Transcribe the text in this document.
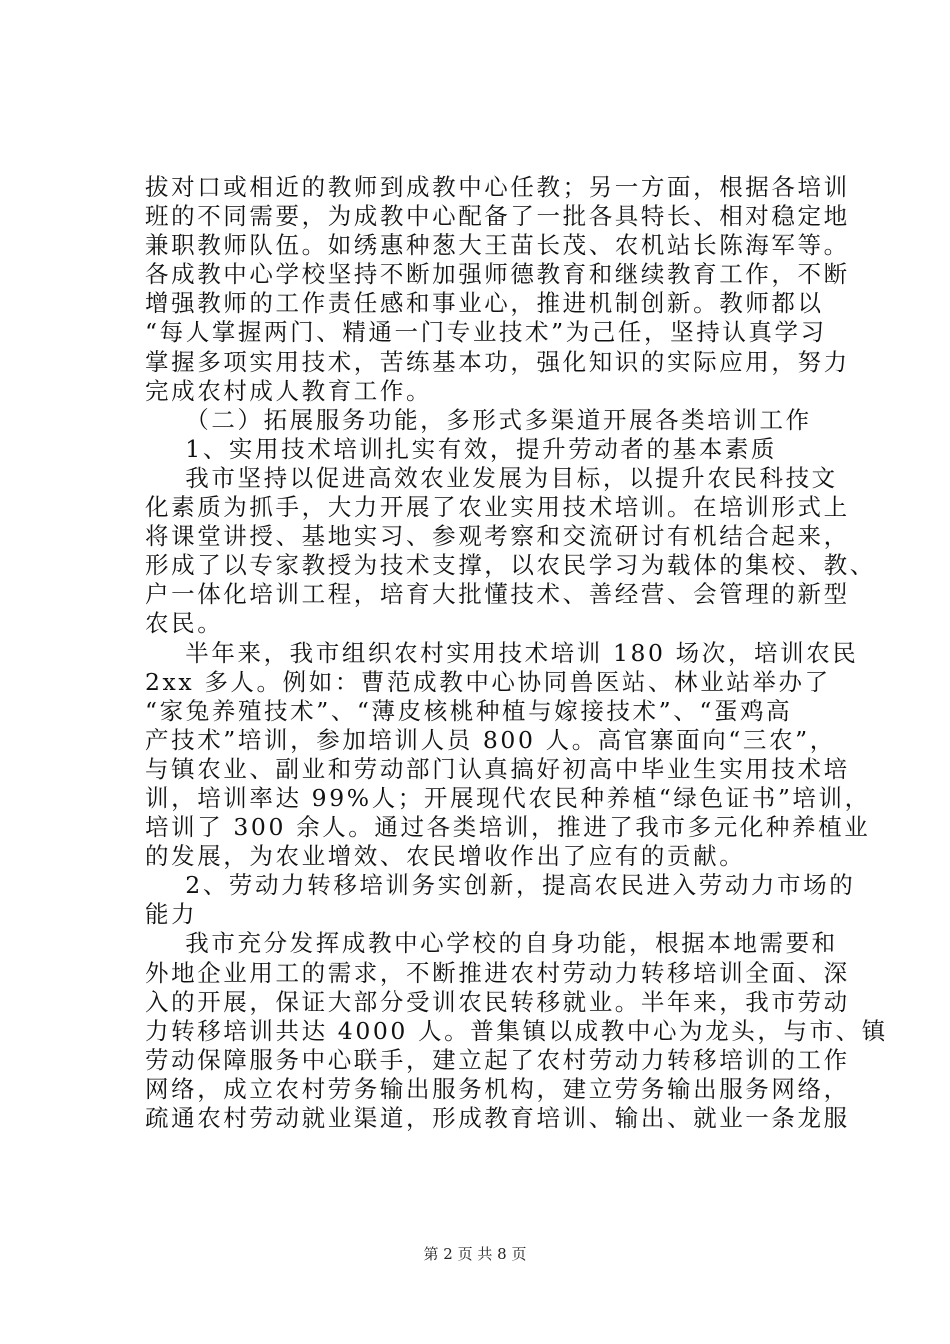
拔对口或相近的教师到成教中心任教；另一方面，根据各培训
班的不同需要，为成教中心配备了一批各具特长、相对稳定地
兼职教师队伍。如绣惠种葱大王苗长茂、农机站长陈海军等。
各成教中心学校坚持不断加强师德教育和继续教育工作，不断
增强教师的工作责任感和事业心，推进机制创新。教师都以
“每人掌握两门、精通一门专业技术”为己任，坚持认真学习
掌握多项实用技术，苦练基本功，强化知识的实际应用，努力
完成农村成人教育工作。
（二）拓展服务功能，多形式多渠道开展各类培训工作
1、实用技术培训扎实有效，提升劳动者的基本素质
我市坚持以促进高效农业发展为目标，以提升农民科技文
化素质为抓手，大力开展了农业实用技术培训。在培训形式上
将课堂讲授、基地实习、参观考察和交流研讨有机结合起来，
形成了以专家教授为技术支撑，以农民学习为载体的集校、教、
户一体化培训工程，培育大批懂技术、善经营、会管理的新型
农民。
半年来，我市组织农村实用技术培训 180 场次，培训农民
2xx 多人。例如：曹范成教中心协同兽医站、林业站举办了
“家兔养殖技术”、“薄皮核桃种植与嫁接技术”、“蛋鸡高
产技术”培训，参加培训人员 800 人。高官寨面向“三农”，
与镇农业、副业和劳动部门认真搞好初高中毕业生实用技术培
训，培训率达 99%人；开展现代农民种养植“绿色证书”培训，
培训了 300 余人。通过各类培训，推进了我市多元化种养植业
的发展，为农业增效、农民增收作出了应有的贡献。
2、劳动力转移培训务实创新，提高农民进入劳动力市场的
能力
我市充分发挥成教中心学校的自身功能，根据本地需要和
外地企业用工的需求，不断推进农村劳动力转移培训全面、深
入的开展，保证大部分受训农民转移就业。半年来，我市劳动
力转移培训共达 4000 人。普集镇以成教中心为龙头，与市、镇
劳动保障服务中心联手，建立起了农村劳动力转移培训的工作
网络，成立农村劳务输出服务机构，建立劳务输出服务网络，
疏通农村劳动就业渠道，形成教育培训、输出、就业一条龙服
第 2 页 共 8 页
